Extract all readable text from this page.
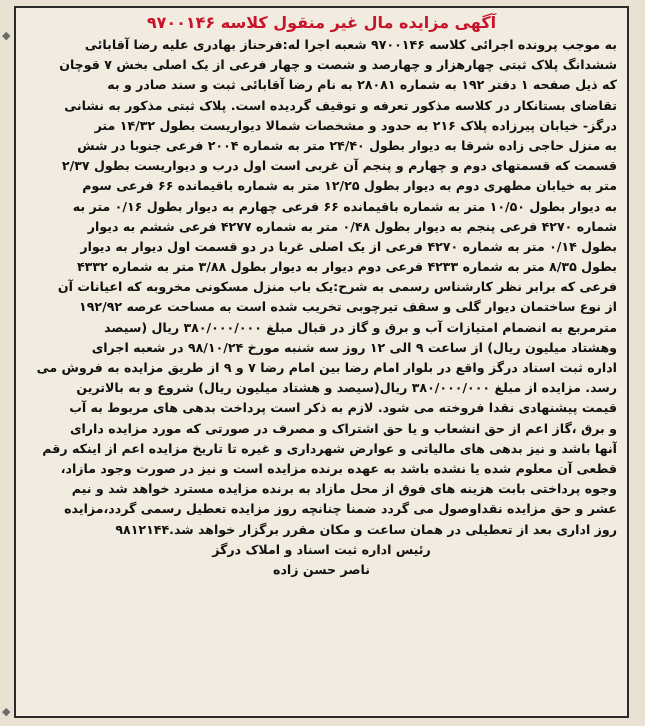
◆
◆
آگهی مزایده مال غیر منقول کلاسه ۹۷۰۰۱۴۶
به موجب پرونده اجرائی کلاسه ۹۷۰۰۱۴۶ شعبه اجرا له:فرحناز بهادری علیه رضا آقابائی
ششدانگ پلاک ثبتی چهارهزار و چهارصد و شصت و چهار فرعی از یک اصلی بخش ۷ قوچان
که ذیل صفحه ۱ دفتر ۱۹۲ به شماره ۲۸۰۸۱ به نام رضا آقابائی ثبت و سند صادر و به
تقاضای بستانکار در کلاسه مذکور تعرفه و توقیف گردیده است. پلاک ثبتی مذکور به نشانی
درگز- خیابان پیرزاده پلاک ۲۱۶ به حدود و مشخصات شمالا دیواریست بطول ۱۴/۳۲ متر
به منزل حاجی زاده شرقا به دیوار بطول ۲۴/۴۰ متر به شماره ۲۰۰۴ فرعی جنوبا در شش
قسمت که قسمتهای دوم و چهارم و پنجم آن غربی است اول درب و دیواریست بطول ۲/۳۷
متر به خیابان مطهری دوم به دیوار بطول ۱۲/۲۵ متر به شماره باقیمانده ۶۶ فرعی سوم
به دیوار بطول ۱۰/۵۰ متر به شماره باقیمانده ۶۶ فرعی چهارم به دیوار بطول ۰/۱۶ متر به
شماره ۴۲۷۰ فرعی پنجم به دیوار بطول ۰/۴۸ متر به شماره ۴۲۷۷ فرعی ششم به دیوار
بطول ۰/۱۴ متر به شماره ۴۲۷۰ فرعی از یک اصلی غربا در دو قسمت اول دیوار به دیوار
بطول ۸/۳۵ متر به شماره ۴۲۳۳ فرعی دوم دیوار به دیوار بطول ۳/۸۸ متر به شماره ۴۳۳۲
فرعی که برابر نظر کارشناس رسمی به شرح:یک باب منزل مسکونی مخروبه که اعیانات آن
از نوع ساختمان دیوار گلی و سقف تیرچوبی تخریب شده است به مساحت عرصه ۱۹۲/۹۲
مترمربع به انضمام امتیازات آب و برق و گاز در قبال مبلغ ۳۸۰/۰۰۰/۰۰۰ ریال (سیصد
وهشتاد میلیون ریال) از ساعت ۹ الی ۱۲ روز سه شنبه مورخ ۹۸/۱۰/۲۴ در شعبه اجرای
اداره ثبت اسناد درگز واقع در بلوار امام رضا بین امام رضا ۷ و ۹ از طریق مزایده به فروش می
رسد. مزایده از مبلغ ۳۸۰/۰۰۰/۰۰۰ ریال(سیصد و هشتاد میلیون ریال) شروع و به بالاترین
قیمت پیشنهادی نقدا فروخته می شود. لازم به ذکر است پرداخت بدهی های مربوط به آب
و برق ،گاز اعم از حق انشعاب و یا حق اشتراک و مصرف در صورتی که مورد مزایده دارای
آنها باشد و نیز بدهی های مالیاتی و عوارض شهرداری و غیره تا تاریخ مزایده اعم از اینکه رقم
قطعی آن معلوم شده یا نشده باشد به عهده برنده مزایده است و نیز در صورت وجود مازاد،
وجوه پرداختی بابت هزینه های فوق از محل مازاد به برنده مزایده مسترد خواهد شد و نیم
عشر و حق مزایده نقداوصول می گردد ضمنا چنانچه روز مزایده تعطیل رسمی گردد،مزایده
روز اداری بعد از تعطیلی در همان ساعت و مکان مقرر برگزار خواهد شد.۹۸۱۲۱۴۴
رئیس اداره ثبت اسناد و املاک درگز
ناصر حسن زاده
